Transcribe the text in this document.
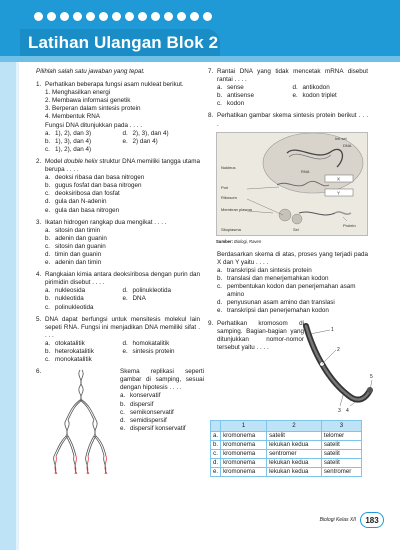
Latihan Ulangan Blok 2
Pilihlah salah satu jawaban yang tepat.
1. Perhatikan beberapa fungsi asam nukleat berikut.
1. Menghasilkan energi
2. Membawa informasi genetik
3. Berperan dalam sintesis protein
4. Membentuk RNA
Fungsi DNA ditunjukkan pada . . . .
a. 1), 2), dan 3)	d. 2), 3), dan 4)
b. 1), 3), dan 4)	e. 2) dan 4)
c. 1), 2), dan 4)
2. Model double helix struktur DNA memiliki tangga utama berupa . . . .
a. deoksi ribasa dan basa nitrogen
b. gugus fosfat dan basa nitrogen
c. deoksiribosa dan fosfat
d. gula dan N-adenin
e. gula dan basa nitrogen
3. Ikatan hidrogen rangkap dua mengikat . . . .
a. sitosin dan timin
b. adenin dan guanin
c. sitosin dan guanin
d. timin dan guanin
e. adenin dan timin
4. Rangkaian kimia antara deoksiribosa dengan purin dan pirimidin disebut . . . .
a. nukleosida	d. polinukleotida
b. nukleotida	e. DNA
c. polinukleotida
5. DNA dapat berfungsi untuk mensitesis molekul lain sepeti RNA. Fungsi ini menjadikan DNA memiliki sifat . . . .
a. otokatalitik	d. homokatalitik
b. heterokatalitik	e. sintesis protein
c. monokatalitik
6.	Skema replikasi seperti gambar di samping, sesuai dengan hipotesis . . . .
a. konservatif
b. dispersif
c. semikonservatif
d. semidispersif
e. dispersif konservatif
7. Rantai DNA yang tidak mencetak mRNA disebut rantai . . . .
a. sense	d. antikodon
b. antisense	e. kodon triplet
c. kodon
8. Perhatikan gambar skema sintesis protein berikut . . . .
Inti sel
DNA
RNA
X
Y
Nukleus
Pori
Ribosom
Membran plasma
Sitoplasma	Sel
Protein
Sumber: Biologi, Raven
Berdasarkan skema di atas, proses yang terjadi pada X dan Y yaitu . . . .
a. transkripsi dan sintesis protein
b. translasi dan menerjemahkan kodon
c. pembentukan kodon dan penerjemahan asam amino
d. penyusunan asam amino dan translasi
e. transkripsi dan penerjemahan kodon
9. Perhatikan kromosom di samping. Bagian-bagian yang ditunjukkan nomor-nomor tersebut yaitu . . . .
1
2
3 4
5
	1	2	3
a.	kromonema	satelit	telomer
b.	kromonema	lekukan kedua	satelit
c.	kromonema	sentromer	satelit
d.	kromonema	lekukan kedua	satelit
e.	kromonema	lekukan kedua	sentromer
Biologi Kelas XII	183
